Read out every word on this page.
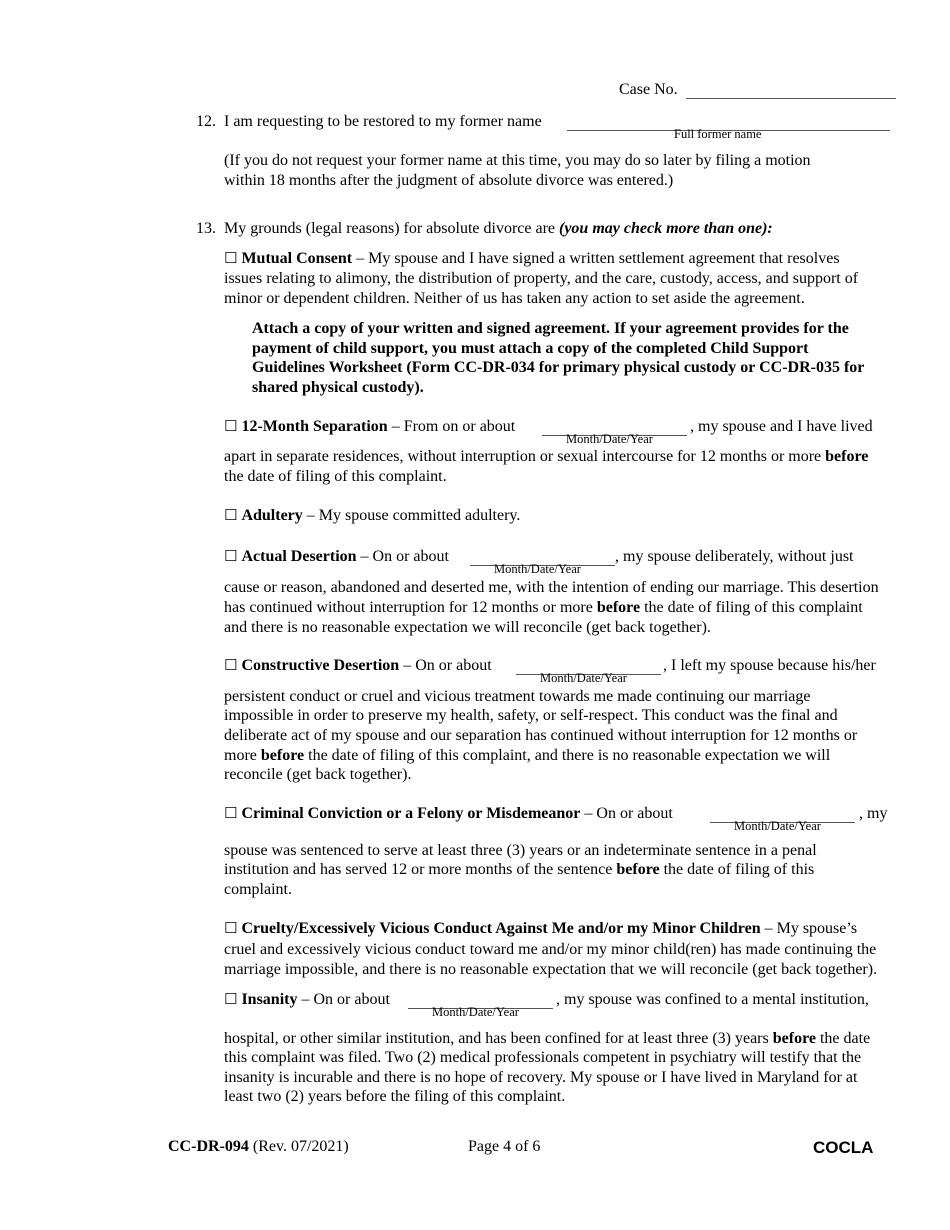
Case No.
12. I am requesting to be restored to my former name
Full former name
(If you do not request your former name at this time, you may do so later by filing a motion
within 18 months after the judgment of absolute divorce was entered.)
13. My grounds (legal reasons) for absolute divorce are (you may check more than one):
☐ Mutual Consent – My spouse and I have signed a written settlement agreement that resolves
issues relating to alimony, the distribution of property, and the care, custody, access, and support of
minor or dependent children. Neither of us has taken any action to set aside the agreement.
Attach a copy of your written and signed agreement. If your agreement provides for the
payment of child support, you must attach a copy of the completed Child Support
Guidelines Worksheet (Form CC-DR-034 for primary physical custody or CC-DR-035 for
shared physical custody).
☐ 12-Month Separation – From on or about	, my spouse and I have lived
Month/Date/Year
apart in separate residences, without interruption or sexual intercourse for 12 months or more before
the date of filing of this complaint.
☐ Adultery – My spouse committed adultery.
☐ Actual Desertion – On or about	, my spouse deliberately, without just
Month/Date/Year
cause or reason, abandoned and deserted me, with the intention of ending our marriage. This desertion
has continued without interruption for 12 months or more before the date of filing of this complaint
and there is no reasonable expectation we will reconcile (get back together).
☐ Constructive Desertion – On or about	, I left my spouse because his/her
Month/Date/Year
persistent conduct or cruel and vicious treatment towards me made continuing our marriage
impossible in order to preserve my health, safety, or self-respect. This conduct was the final and
deliberate act of my spouse and our separation has continued without interruption for 12 months or
more before the date of filing of this complaint, and there is no reasonable expectation we will
reconcile (get back together).
☐ Criminal Conviction or a Felony or Misdemeanor – On or about	, my
Month/Date/Year
spouse was sentenced to serve at least three (3) years or an indeterminate sentence in a penal
institution and has served 12 or more months of the sentence before the date of filing of this
complaint.
☐ Cruelty/Excessively Vicious Conduct Against Me and/or my Minor Children – My spouse’s
cruel and excessively vicious conduct toward me and/or my minor child(ren) has made continuing the
marriage impossible, and there is no reasonable expectation that we will reconcile (get back together).
☐ Insanity – On or about	, my spouse was confined to a mental institution,
Month/Date/Year
hospital, or other similar institution, and has been confined for at least three (3) years before the date
this complaint was filed. Two (2) medical professionals competent in psychiatry will testify that the
insanity is incurable and there is no hope of recovery. My spouse or I have lived in Maryland for at
least two (2) years before the filing of this complaint.
CC-DR-094 (Rev. 07/2021)	Page 4 of 6	COCLA
